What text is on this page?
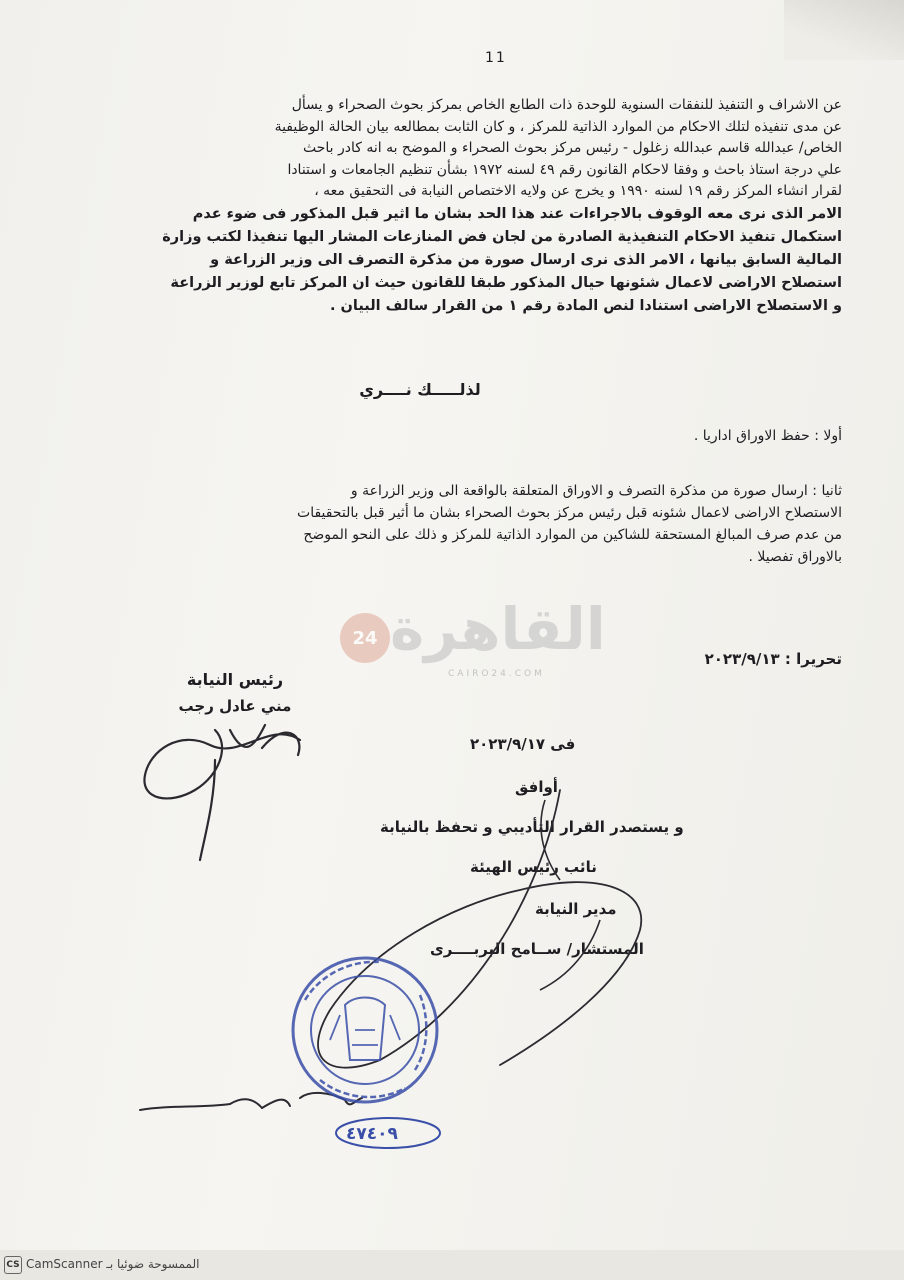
11
عن الاشراف و التنفيذ للنفقات السنوية للوحدة ذات الطابع الخاص بمركز بحوث الصحراء و يسأل
عن مدى تنفيذه لتلك الاحكام من الموارد الذاتية للمركز ، و كان الثابت بمطالعه بيان الحالة الوظيفية
الخاص/ عبدالله قاسم عبدالله زغلول - رئيس مركز بحوث الصحراء و الموضح به انه كادر باحث
علي درجة استاذ باحث و وفقا لاحكام القانون رقم ٤٩ لسنه ١٩٧٢ بشأن تنظيم الجامعات و استنادا
لقرار انشاء المركز رقم ١٩ لسنه ١٩٩٠ و يخرج عن ولايه الاختصاص النيابة فى التحقيق معه ،
الامر الذى نرى معه الوقوف بالاجراءات عند هذا الحد بشان ما اثير قبل المذكور فى ضوء عدم
استكمال تنفيذ الاحكام التنفيذية الصادرة من لجان فض المنازعات المشار اليها تنفيذا لكتب وزارة
المالية السابق بيانها ، الامر الذى نرى ارسال صورة من مذكرة التصرف الى وزير الزراعة و
استصلاح الاراضى لاعمال شئونها حيال المذكور طبقا للقانون حيث ان المركز تابع لوزير الزراعة
و الاستصلاح الاراضى استنادا لنص المادة رقم ١ من القرار سالف البيان .
لذلـــــك نــــري
أولا : حفظ الاوراق اداريا .
ثانيا : ارسال صورة من مذكرة التصرف و الاوراق المتعلقة بالواقعة الى وزير الزراعة و
الاستصلاح الاراضى لاعمال شئونه قبل رئيس مركز بحوث الصحراء بشان ما أثير قبل بالتحقيقات
من عدم صرف المبالغ المستحقة للشاكين من الموارد الذاتية للمركز و ذلك على النحو الموضح
بالاوراق تفصيلا .
24 القاهرة
CAIRO24.COM
تحريرا : ٢٠٢٣/٩/١٣
رئيس النيابة
مني عادل رجب
فى ٢٠٢٣/٩/١٧
أوافق
و يستصدر القرار التأديبي و تحفظ بالنيابة
نائب رئيس الهيئة
مدير النيابة
المستشار/ ســامح البربــــرى
٤٧٤٠٩
CS CamScanner الممسوحة ضوئيا بـ
